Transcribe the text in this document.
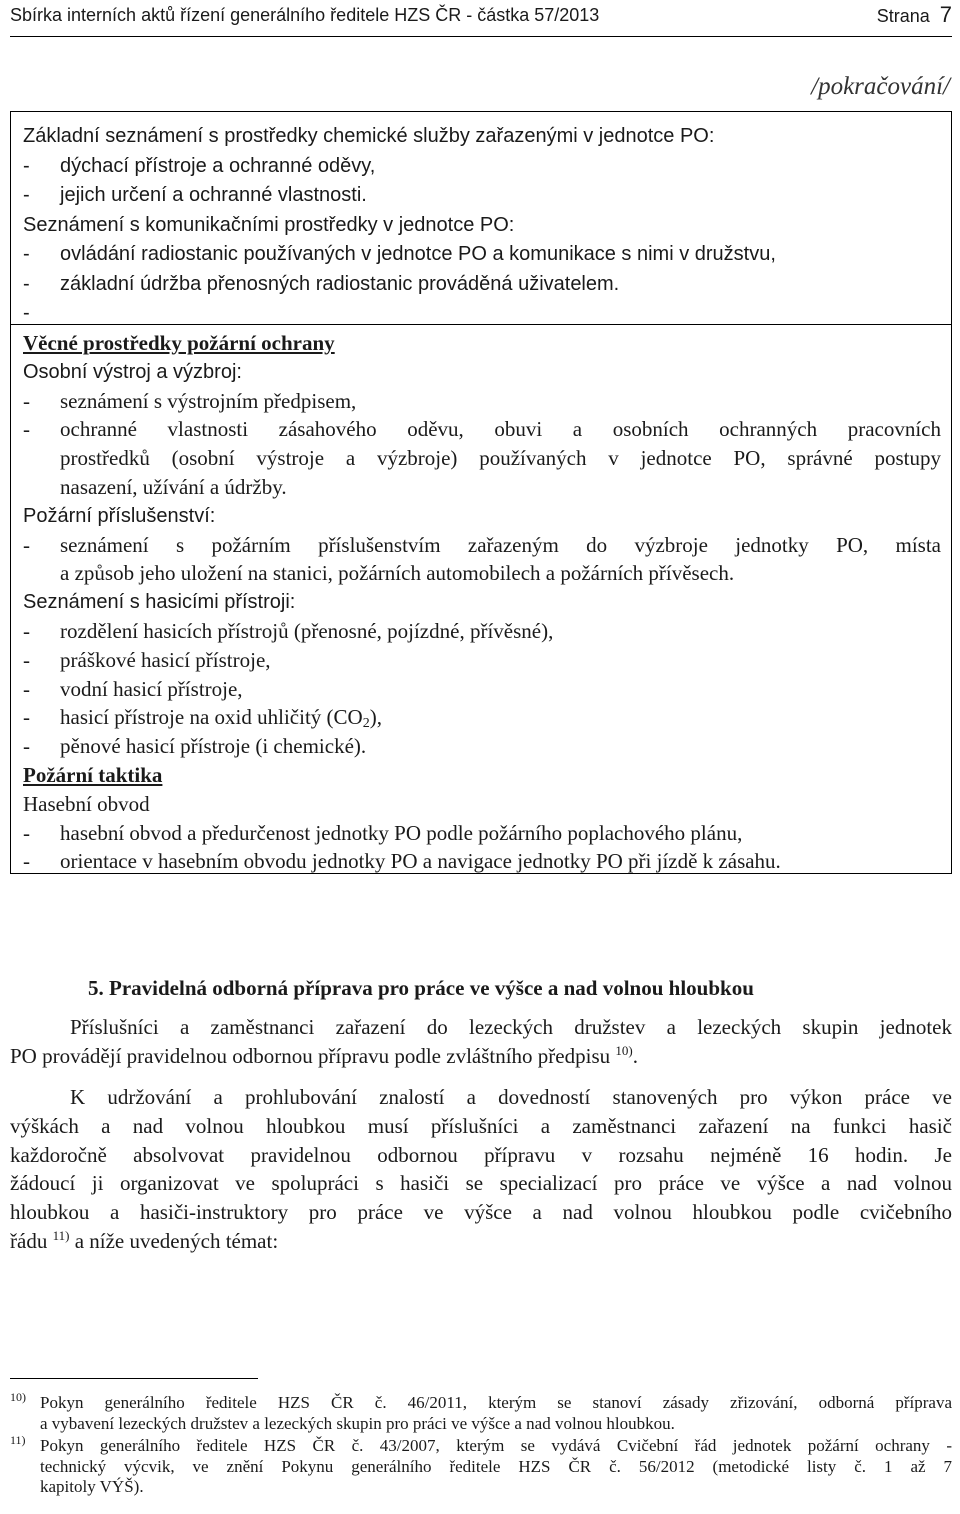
Sbírka interních aktů řízení generálního ředitele HZS ČR - částka 57/2013	Strana 7
/pokračování/
Základní seznámení s prostředky chemické služby zařazenými v jednotce PO:
- dýchací přístroje a ochranné oděvy,
- jejich určení a ochranné vlastnosti.
Seznámení s komunikačními prostředky v jednotce PO:
- ovládání radiostanic používaných v jednotce PO a komunikace s nimi v družstvu,
- základní údržba přenosných radiostanic prováděná uživatelem.
-
Věcné prostředky požární ochrany
Osobní výstroj a výzbroj:
- seznámení s výstrojním předpisem,
- ochranné vlastnosti zásahového oděvu, obuvi a osobních ochranných pracovních
prostředků (osobní výstroje a výzbroje) používaných v jednotce PO, správné postupy
nasazení, užívání a údržby.
Požární příslušenství:
- seznámení s požárním příslušenstvím zařazeným do výzbroje jednotky PO, místa
a způsob jeho uložení na stanici, požárních automobilech a požárních přívěsech.
Seznámení s hasicími přístroji:
- rozdělení hasicích přístrojů (přenosné, pojízdné, přívěsné),
- práškové hasicí přístroje,
- vodní hasicí přístroje,
- hasicí přístroje na oxid uhličitý $(CO_2)$,
- pěnové hasicí přístroje (i chemické).
Požární taktika
Hasební obvod
- hasební obvod a předurčenost jednotky PO podle požárního poplachového plánu,
- orientace v hasebním obvodu jednotky PO a navigace jednotky PO při jízdě k zásahu.
5. Pravidelná odborná příprava pro práce ve výšce a nad volnou hloubkou
Příslušníci a zaměstnanci zařazení do lezeckých družstev a lezeckých skupin jednotek
PO provádějí pravidelnou odbornou přípravu podle zvláštního předpisu $^{10)}$.
K udržování a prohlubování znalostí a dovedností stanovených pro výkon práce ve
výškách a nad volnou hloubkou musí příslušníci a zaměstnanci zařazení na funkci hasič
každoročně absolvovat pravidelnou odbornou přípravu v rozsahu nejméně 16 hodin. Je
žádoucí ji organizovat ve spolupráci s hasiči se specializací pro práce ve výšce a nad volnou
hloubkou a hasiči-instruktory pro práce ve výšce a nad volnou hloubkou podle cvičebního
řádu $^{11)}$ a níže uvedených témat:
10) Pokyn generálního ředitele HZS ČR č. 46/2011, kterým se stanoví zásady zřizování, odborná příprava
a vybavení lezeckých družstev a lezeckých skupin pro práci ve výšce a nad volnou hloubkou.
11) Pokyn generálního ředitele HZS ČR č. 43/2007, kterým se vydává Cvičební řád jednotek požární ochrany -
technický výcvik, ve znění Pokynu generálního ředitele HZS ČR č. 56/2012 (metodické listy č. 1 až 7
kapitoly VÝŠ).
